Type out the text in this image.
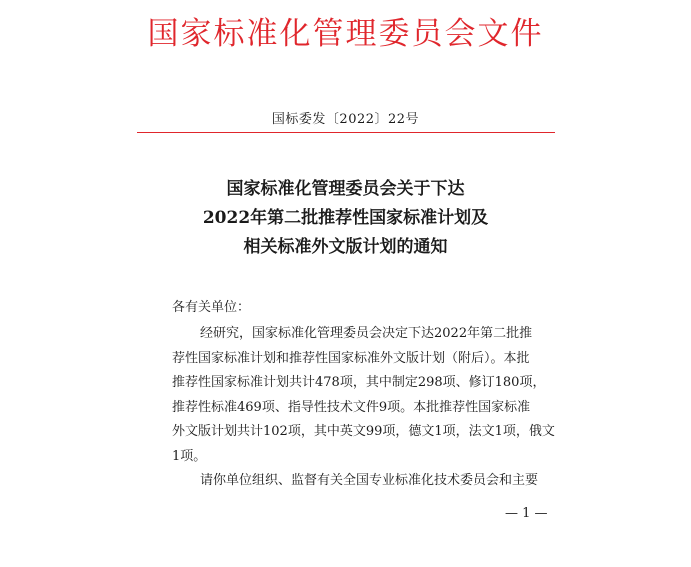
国家标准化管理委员会文件
国标委发〔2022〕22号
国家标准化管理委员会关于下达
2022年第二批推荐性国家标准计划及
相关标准外文版计划的通知
各有关单位：
经研究，国家标准化管理委员会决定下达2022年第二批推
荐性国家标准计划和推荐性国家标准外文版计划（附后）。本批
推荐性国家标准计划共计478项，其中制定298项、修订180项，
推荐性标准469项、指导性技术文件9项。本批推荐性国家标准
外文版计划共计102项，其中英文99项，德文1项，法文1项，俄文
1项。
请你单位组织、监督有关全国专业标准化技术委员会和主要
— 1 —
